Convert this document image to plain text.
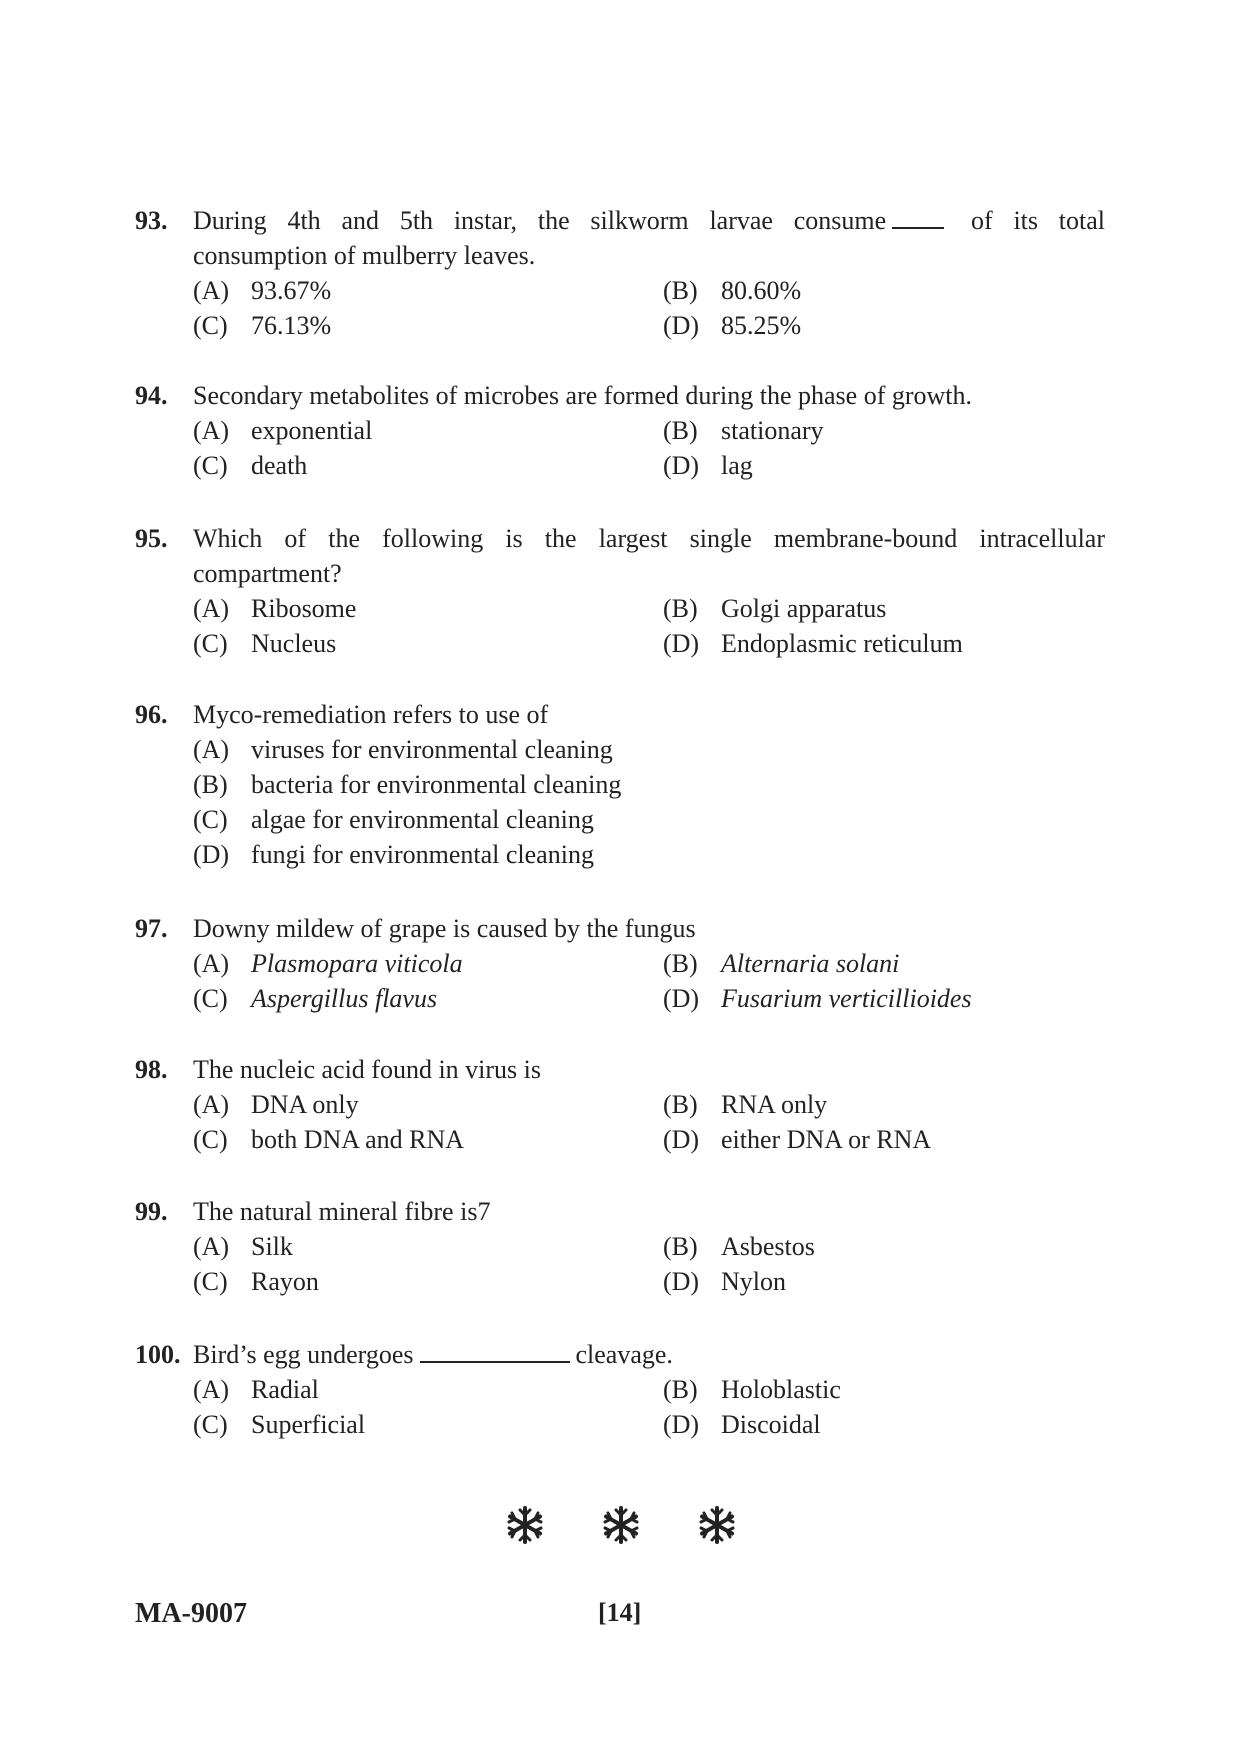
93. During 4th and 5th instar, the silkworm larvae consume	of its total
consumption of mulberry leaves.
(A) 93.67%	(B) 80.60%
(C) 76.13%	(D) 85.25%
94. Secondary metabolites of microbes are formed during the phase of growth.
(A) exponential	(B) stationary
(C) death	(D) lag
95. Which of the following is the largest single membrane-bound intracellular compartment?
(A) Ribosome	(B) Golgi apparatus
(C) Nucleus	(D) Endoplasmic reticulum
96. Myco-remediation refers to use of
(A) viruses for environmental cleaning
(B) bacteria for environmental cleaning
(C) algae for environmental cleaning
(D) fungi for environmental cleaning
97. Downy mildew of grape is caused by the fungus
(A) Plasmopara viticola	(B) Alternaria solani
(C) Aspergillus flavus	(D) Fusarium verticillioides
98. The nucleic acid found in virus is
(A) DNA only	(B) RNA only
(C) both DNA and RNA	(D) either DNA or RNA
99. The natural mineral fibre is7
(A) Silk	(B) Asbestos
(C) Rayon	(D) Nylon
100. Bird’s egg undergoes	cleavage.
(A) Radial	(B) Holoblastic
(C) Superficial	(D) Discoidal
MA-9007	[14]
